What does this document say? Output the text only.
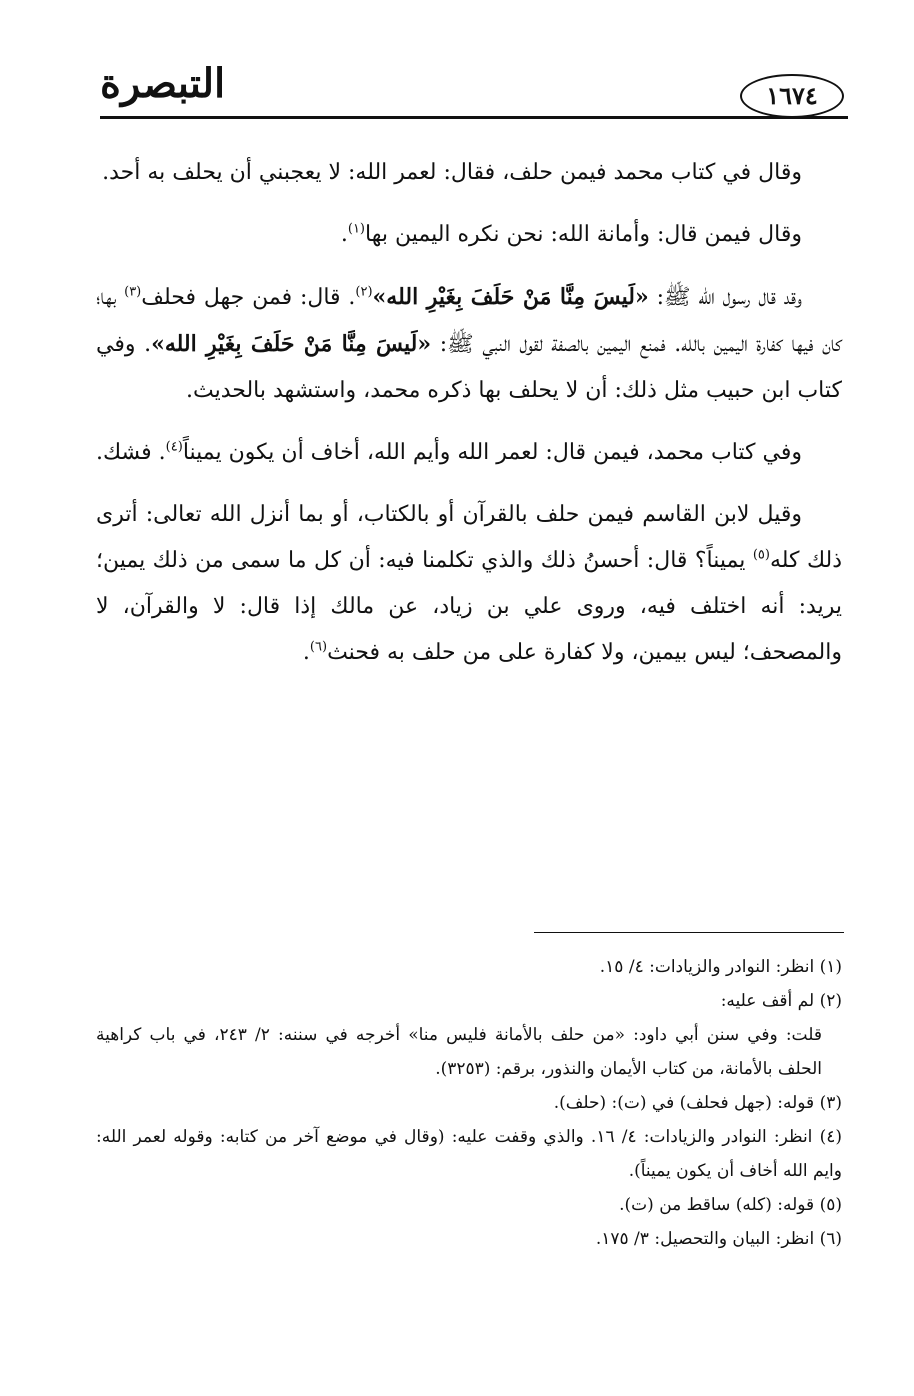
التبصرة	١٦٧٤

وقال في كتاب محمد فيمن حلف، فقال: لعمر الله: لا يعجبني أن يحلف به أحد.

وقال فيمن قال: وأمانة الله: نحن نكره اليمين بها$^{(١)}$.

وقد قال رسول الله ﷺ: «لَيسَ مِنَّا مَنْ حَلَفَ بِغَيْرِ الله»$^{(٢)}$. قال: فمن جهل فحلف$^{(٣)}$ بها؛ كان فيها كفارة اليمين بالله. فمنع اليمين بالصفة لقول النبي ﷺ: «لَيسَ مِنَّا مَنْ حَلَفَ بِغَيْرِ الله». وفي كتاب ابن حبيب مثل ذلك: أن لا يحلف بها ذكره محمد، واستشهد بالحديث.

وفي كتاب محمد، فيمن قال: لعمر الله وأيم الله، أخاف أن يكون يميناً$^{(٤)}$. فشك.

وقيل لابن القاسم فيمن حلف بالقرآن أو بالكتاب، أو بما أنزل الله تعالى: أترى ذلك كله$^{(٥)}$ يميناً؟ قال: أحسنُ ذلك والذي تكلمنا فيه: أن كل ما سمى من ذلك يمين؛ يريد: أنه اختلف فيه، وروى علي بن زياد، عن مالك إذا قال: لا والقرآن، لا والمصحف؛ ليس بيمين، ولا كفارة على من حلف به فحنث$^{(٦)}$.

(١) انظر: النوادر والزيادات: ٤/ ١٥.

(٢) لم أقف عليه:

قلت: وفي سنن أبي داود: «من حلف بالأمانة فليس منا» أخرجه في سننه: ٢/ ٢٤٣، في باب كراهية الحلف بالأمانة، من كتاب الأيمان والنذور، برقم: (٣٢٥٣).

(٣) قوله: (جهل فحلف) في (ت): (حلف).

(٤) انظر: النوادر والزيادات: ٤/ ١٦. والذي وقفت عليه: (وقال في موضع آخر من كتابه: وقوله لعمر الله: وايم الله أخاف أن يكون يميناً).

(٥) قوله: (كله) ساقط من (ت).

(٦) انظر: البيان والتحصيل: ٣/ ١٧٥.
